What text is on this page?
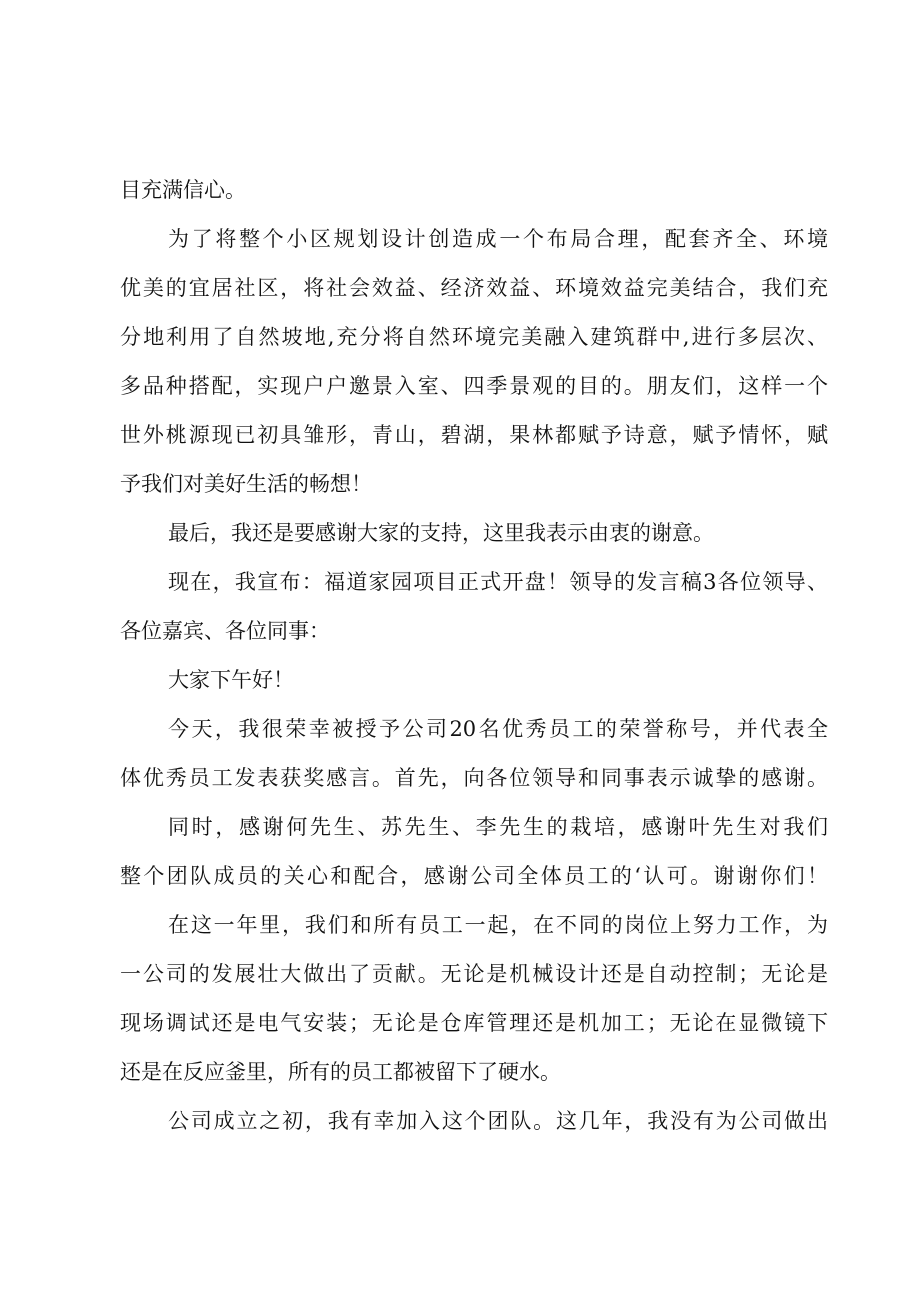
目充满信心。

为了将整个小区规划设计创造成一个布局合理，配套齐全、环境
优美的宜居社区，将社会效益、经济效益、环境效益完美结合，我们充
分地利用了自然坡地,充分将自然环境完美融入建筑群中,进行多层次、
多品种搭配，实现户户邀景入室、四季景观的目的。朋友们，这样一个
世外桃源现已初具雏形，青山，碧湖，果林都赋予诗意，赋予情怀，赋
予我们对美好生活的畅想！

最后，我还是要感谢大家的支持，这里我表示由衷的谢意。

现在，我宣布：福道家园项目正式开盘！领导的发言稿3各位领导、
各位嘉宾、各位同事：

大家下午好！

今天，我很荣幸被授予公司20名优秀员工的荣誉称号，并代表全
体优秀员工发表获奖感言。首先，向各位领导和同事表示诚挚的感谢。

同时，感谢何先生、苏先生、李先生的栽培，感谢叶先生对我们
整个团队成员的关心和配合，感谢公司全体员工的‘认可。谢谢你们！

在这一年里，我们和所有员工一起，在不同的岗位上努力工作，为
一公司的发展壮大做出了贡献。无论是机械设计还是自动控制；无论是
现场调试还是电气安装；无论是仓库管理还是机加工；无论在显微镜下
还是在反应釜里，所有的员工都被留下了硬水。

公司成立之初，我有幸加入这个团队。这几年，我没有为公司做出
